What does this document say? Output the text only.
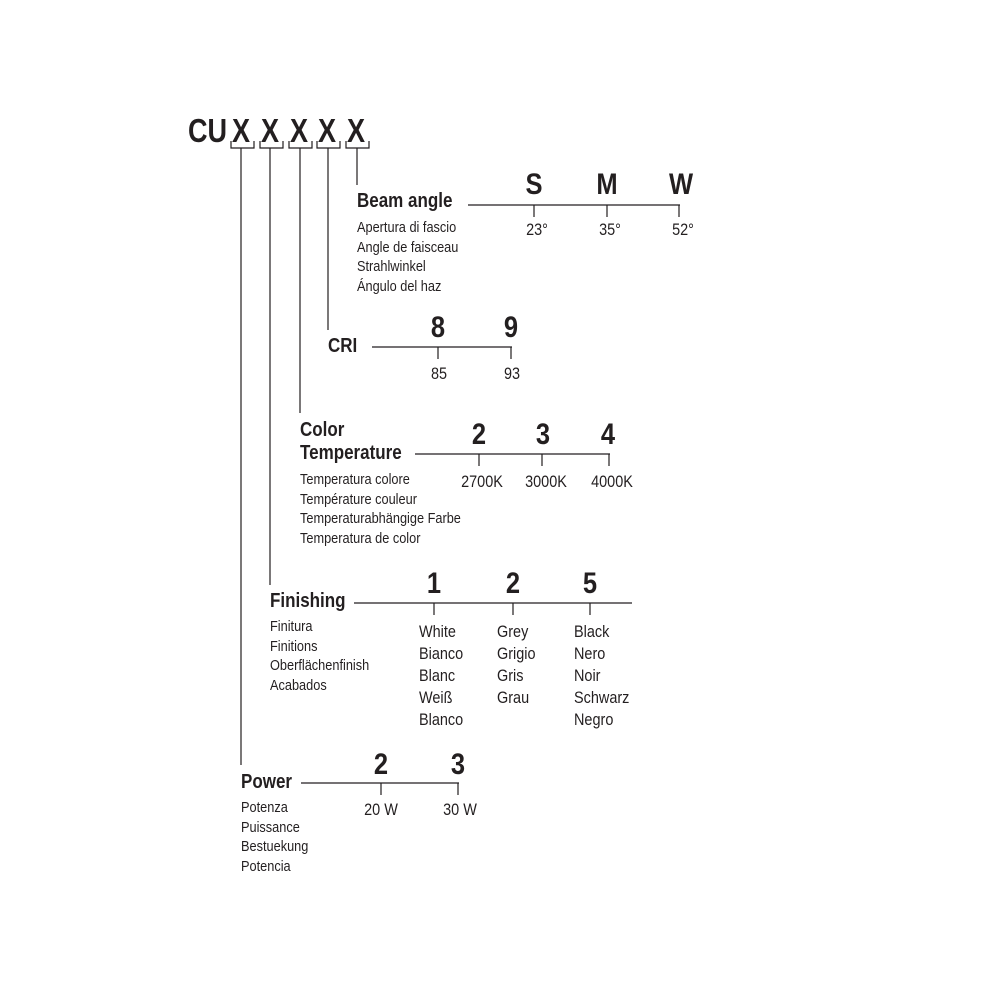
CU X X X X X
Beam angle
Apertura di fascio
Angle de faisceau
Strahlwinkel
Ángulo del haz
S M W
23°	35°	52°
CRI
8	9
85	93
Color
Temperature
Temperatura colore
Température couleur
Temperaturabhängige Farbe
Temperatura de color
2	3	4
2700K	3000K	4000K
Finishing
Finitura
Finitions
Oberflächenfinish
Acabados
1	2	5
White
Bianco
Blanc
Weiß
Blanco
Grey
Grigio
Gris
Grau
Black
Nero
Noir
Schwarz
Negro
Power
Potenza
Puissance
Bestuekung
Potencia
2	3
20 W	30 W
